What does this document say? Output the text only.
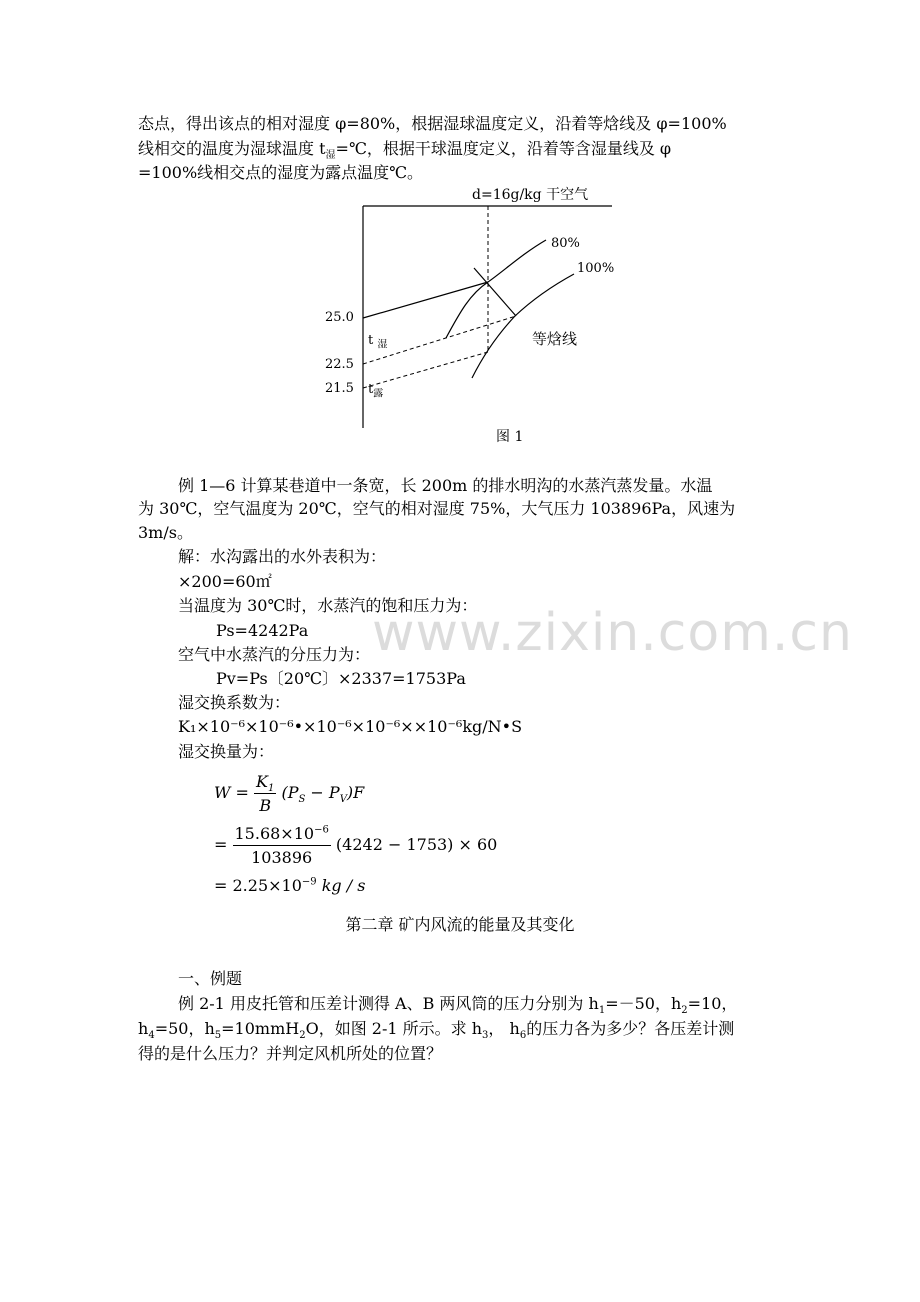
态点，得出该点的相对湿度 φ=80%，根据湿球温度定义，沿着等焓线及 φ=100%
线相交的温度为湿球温度 $t_湿=℃$，根据干球温度定义，沿着等含湿量线及 φ
=100%线相交点的湿度为露点温度℃。
d=16g/kg 干空气
80%
100%
25.0
t $_湿$
22.5
21.5 $t_露$
等焓线
图 1
例 1—6 计算某巷道中一条宽，长 200m 的排水明沟的水蒸汽蒸发量。水温
为 30℃，空气温度为 20℃，空气的相对湿度 75%，大气压力 103896Pa，风速为
3m/s。
解：水沟露出的水外表积为：
×200=60㎡
当温度为 30℃时，水蒸汽的饱和压力为：
Ps=4242Pa
空气中水蒸汽的分压力为：
Pv=Ps〔20℃〕×2337=1753Pa
湿交换系数为：
K₁×10⁻⁶×10⁻⁶•×10⁻⁶×10⁻⁶××10⁻⁶kg/N•S
湿交换量为：
$W = \frac{K_1}{B} (P_S - P_V)F$
= $\frac{15.68\times 10^{-6}}{103896} (4242 - 1753) \times 60$
= $2.25\times 10^{-9}$ kg / s
第二章 矿内风流的能量及其变化
一、例题
例 2-1 用皮托管和压差计测得 A、B 两风筒的压力分别为 $h_1=-50$，$h_2=10$，
$h_4=50$，$h_5=10mmH_2O$，如图 2-1 所示。求 $h_3$， $h_6$的压力各为多少？各压差计测
得的是什么压力？并判定风机所处的位置？
www.zixin.com.cn
